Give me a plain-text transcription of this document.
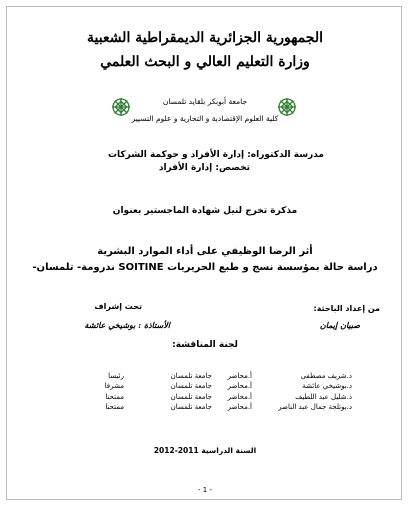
الجمهورية الجزائرية الديمقراطية الشعبية
وزارة التعليم العالي و البحث العلمي
جامعة أبوبكر بلقايد تلمسان
كلية العلوم الإقتصادية و التجارية و علوم التسيير
مدرسة الدكتوراه: إدارة الأفراد و حوكمة الشركات
تخصص: إدارة الأفراد
مذكرة تخرج لنيل شهادة الماجستير بعنوان
أثر الرضا الوظيفي على أداء الموارد البشرية
دراسة حالة بمؤسسة نسج و طبع الحريريات SOITINE ندرومة- تلمسان-
من إعداد الباحثة:
صبيان إيمان
تحت إشراف
الأستاذة : بوشيخي عائشة
لجنة المناقشة:
د.شريف مصطفى	أ.محاضر	جامعة تلمسان	رئيسا
د.بوشيخي عائشة	أ.محاضر	جامعة تلمسان	مشرفا
د.شليل عبد اللطيف	أ.محاضر	جامعة تلمسان	ممتحنا
د.بوتلجة جمال عبد الناصر	أ.محاضر	جامعة تلمسان	ممتحنا
السنة الدراسية 2011-2012
- 1 -
